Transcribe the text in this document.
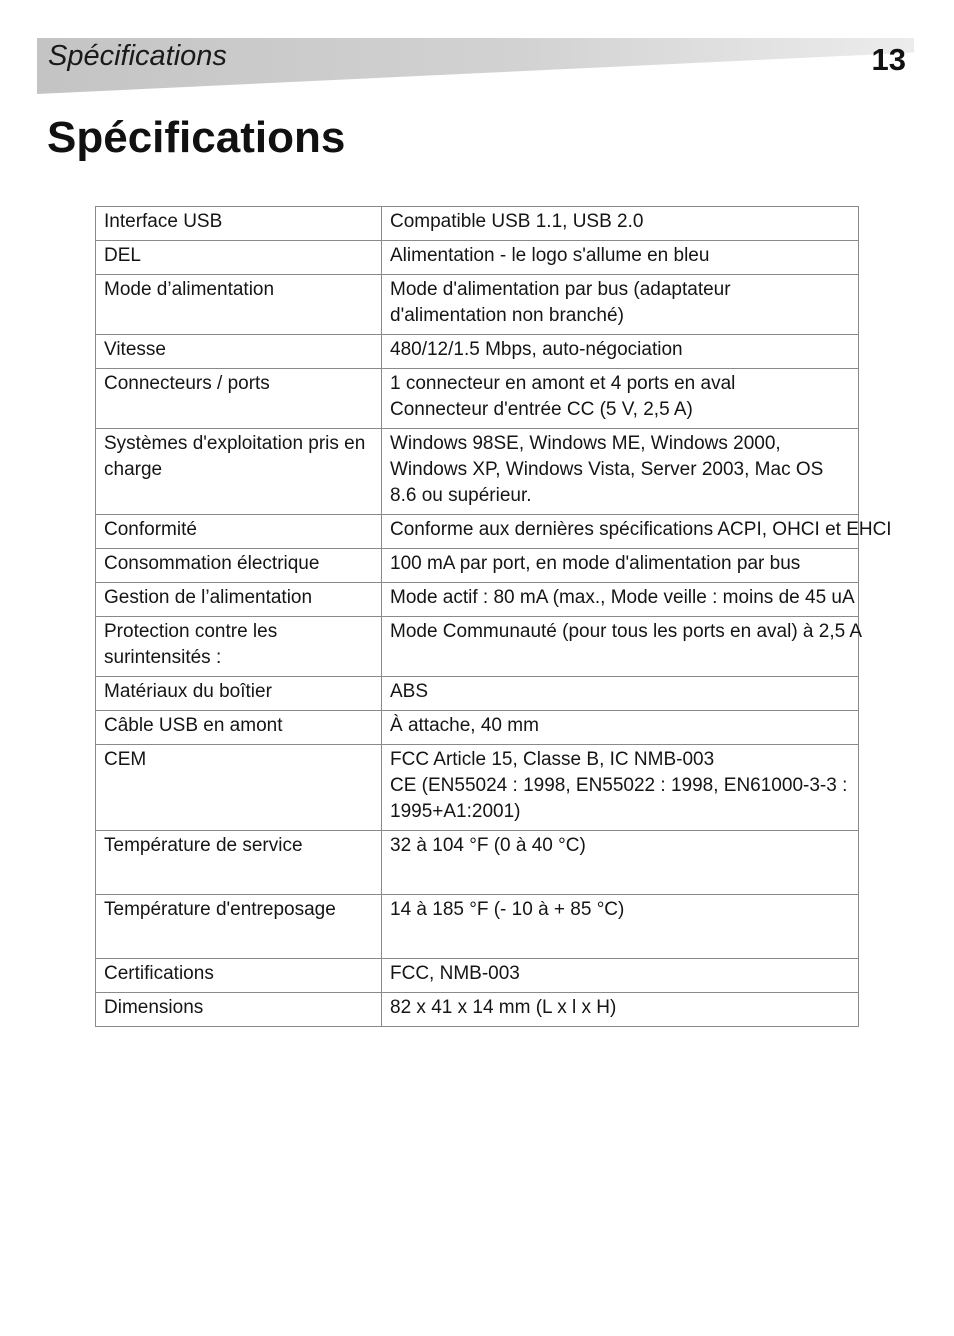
Spécifications	13
Spécifications
Interface USB	Compatible USB 1.1, USB 2.0
DEL	Alimentation - le logo s'allume en bleu
Mode d’alimentation	Mode d'alimentation par bus (adaptateur d'alimentation non branché)
Vitesse	480/12/1.5 Mbps, auto-négociation
Connecteurs / ports	1 connecteur en amont et 4 ports en aval
Connecteur d'entrée CC (5 V, 2,5 A)
Systèmes d'exploitation pris en charge	Windows 98SE, Windows ME, Windows 2000, Windows XP, Windows Vista, Server 2003, Mac OS 8.6 ou supérieur.
Conformité	Conforme aux dernières spécifications ACPI, OHCI et EHCI
Consommation électrique	100 mA par port, en mode d'alimentation par bus
Gestion de l’alimentation	Mode actif : 80 mA (max., Mode veille : moins de 45 uA
Protection contre les surintensités :	Mode Communauté (pour tous les ports en aval) à 2,5 A
Matériaux du boîtier	ABS
Câble USB en amont	À attache, 40 mm
CEM	FCC Article 15, Classe B, IC NMB-003
CE (EN55024 : 1998, EN55022 : 1998, EN61000-3-3 : 1995+A1:2001)
Température de service	32 à 104 °F (0 à 40 °C)
Température d'entreposage	14 à 185 °F (- 10 à + 85 °C)
Certifications	FCC, NMB-003
Dimensions	82 x 41 x 14 mm (L x l x H)
